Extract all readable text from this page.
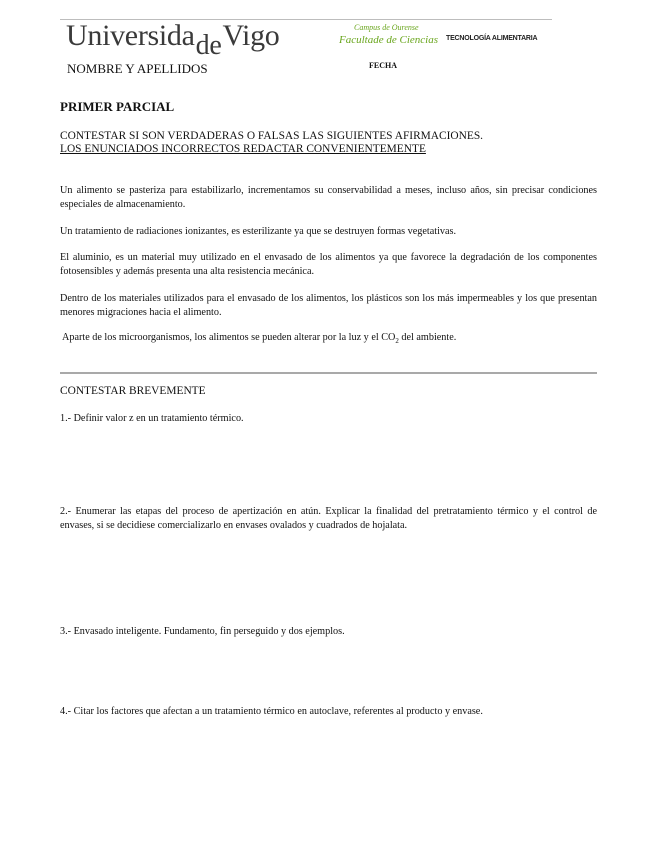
UniversidadeVigo	Campus de Ourense
Facultade de Ciencias TECNOLOGÍA ALIMENTARIA
NOMBRE Y APELLIDOS	FECHA
PRIMER PARCIAL
CONTESTAR SI SON VERDADERAS O FALSAS LAS SIGUIENTES AFIRMACIONES.
LOS ENUNCIADOS INCORRECTOS REDACTAR CONVENIENTEMENTE
Un alimento se pasteriza para estabilizarlo, incrementamos su conservabilidad a meses, incluso años, sin precisar condiciones especiales de almacenamiento.
Un tratamiento de radiaciones ionizantes, es esterilizante ya que se destruyen formas vegetativas.
El aluminio, es un material muy utilizado en el envasado de los alimentos ya que favorece la degradación de los componentes fotosensibles y además presenta una alta resistencia mecánica.
Dentro de los materiales utilizados para el envasado de los alimentos, los plásticos son los más impermeables y los que presentan menores migraciones hacia el alimento.
Aparte de los microorganismos, los alimentos se pueden alterar por la luz y el $CO_2$ del ambiente.
CONTESTAR BREVEMENTE
1.- Definir valor z en un tratamiento térmico.
2.- Enumerar las etapas del proceso de apertización en atún. Explicar la finalidad del pretratamiento térmico y el control de envases, si se decidiese comercializarlo en envases ovalados y cuadrados de hojalata.
3.- Envasado inteligente. Fundamento, fin perseguido y dos ejemplos.
4.- Citar los factores que afectan a un tratamiento térmico en autoclave, referentes al producto y envase.
